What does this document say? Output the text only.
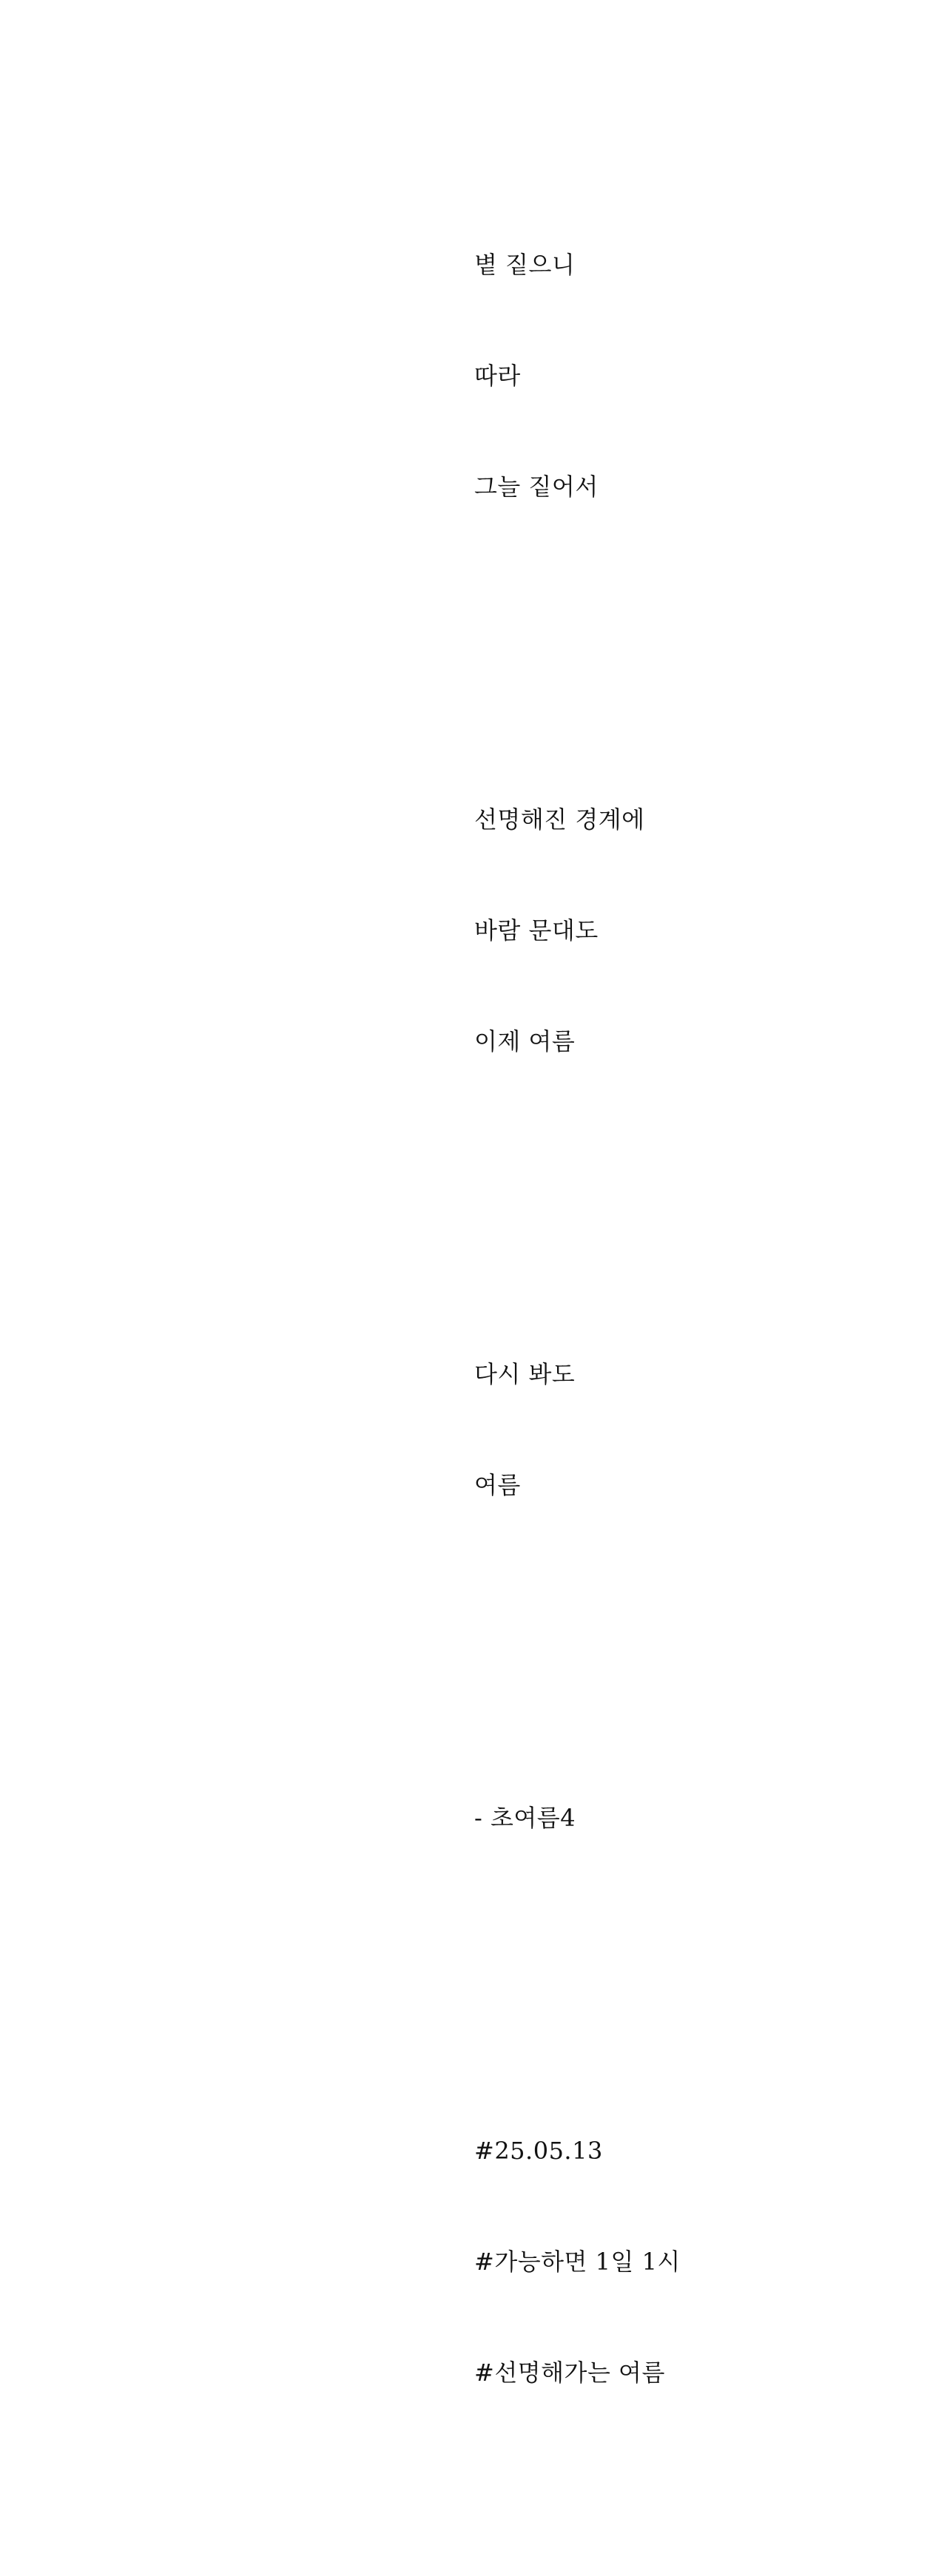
볕 짙으니

따라

그늘 짙어서

선명해진 경계에

바람 문대도

이제 여름

다시 봐도

여름

- 초여름4

#25.05.13

#가능하면 1일 1시

#선명해가는 여름
